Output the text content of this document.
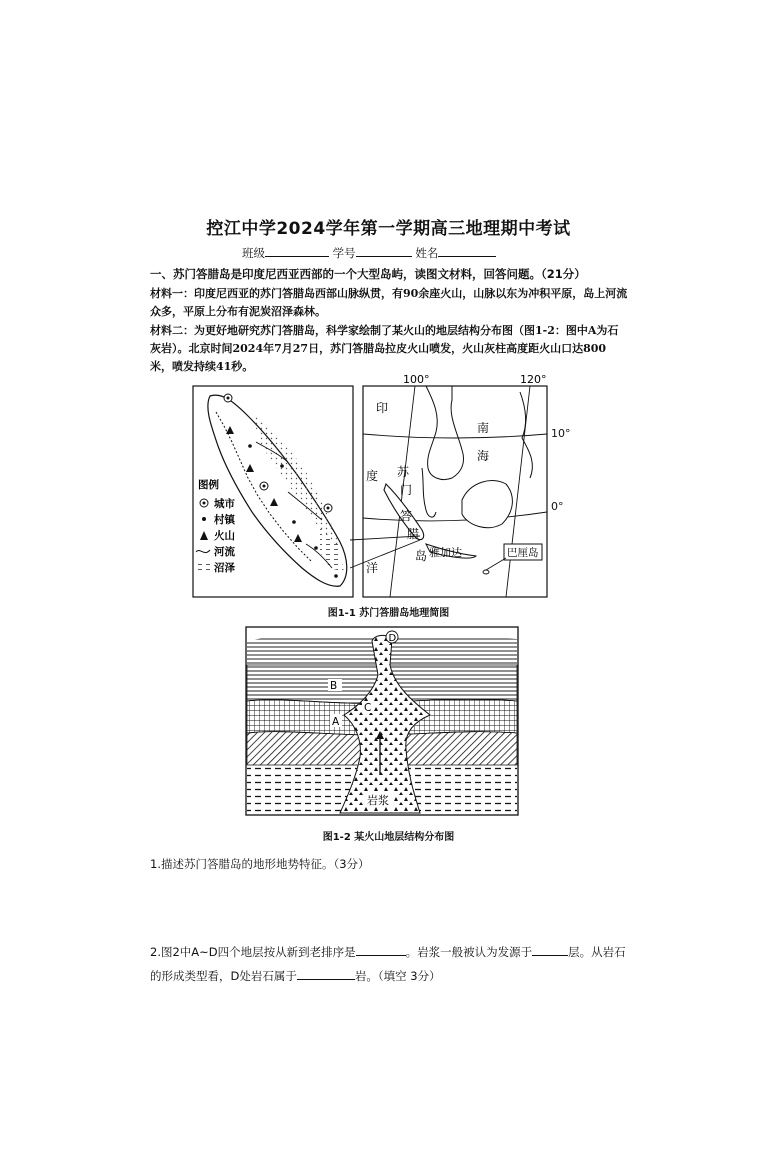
控江中学2024学年第一学期高三地理期中考试
班级	学号	姓名
一、苏门答腊岛是印度尼西亚西部的一个大型岛屿，读图文材料，回答问题。（21分）
材料一：印度尼西亚的苏门答腊岛西部山脉纵贯，有90余座火山，山脉以东为冲积平原，岛上河流众多，平原上分布有泥炭沼泽森林。
材料二：为更好地研究苏门答腊岛，科学家绘制了某火山的地层结构分布图（图1-2：图中A为石灰岩）。北京时间2024年7月27日，苏门答腊岛拉皮火山喷发，火山灰柱高度距火山口达800米，喷发持续41秒。
图例
城市
村镇
火山
河流
沼泽
100°	120°
印
度
洋
南
海
苏
门
答
腊
岛 雅加达	巴厘岛
10°
0°
图1-1 苏门答腊岛地理简图
B
A
C
D
岩浆
图1-2 某火山地层结构分布图
1.描述苏门答腊岛的地形地势特征。（3分）
2.图2中A~D四个地层按从新到老排序是	。岩浆一般被认为发源于	层。从岩石的形成类型看，D处岩石属于	岩。（填空 3分）
